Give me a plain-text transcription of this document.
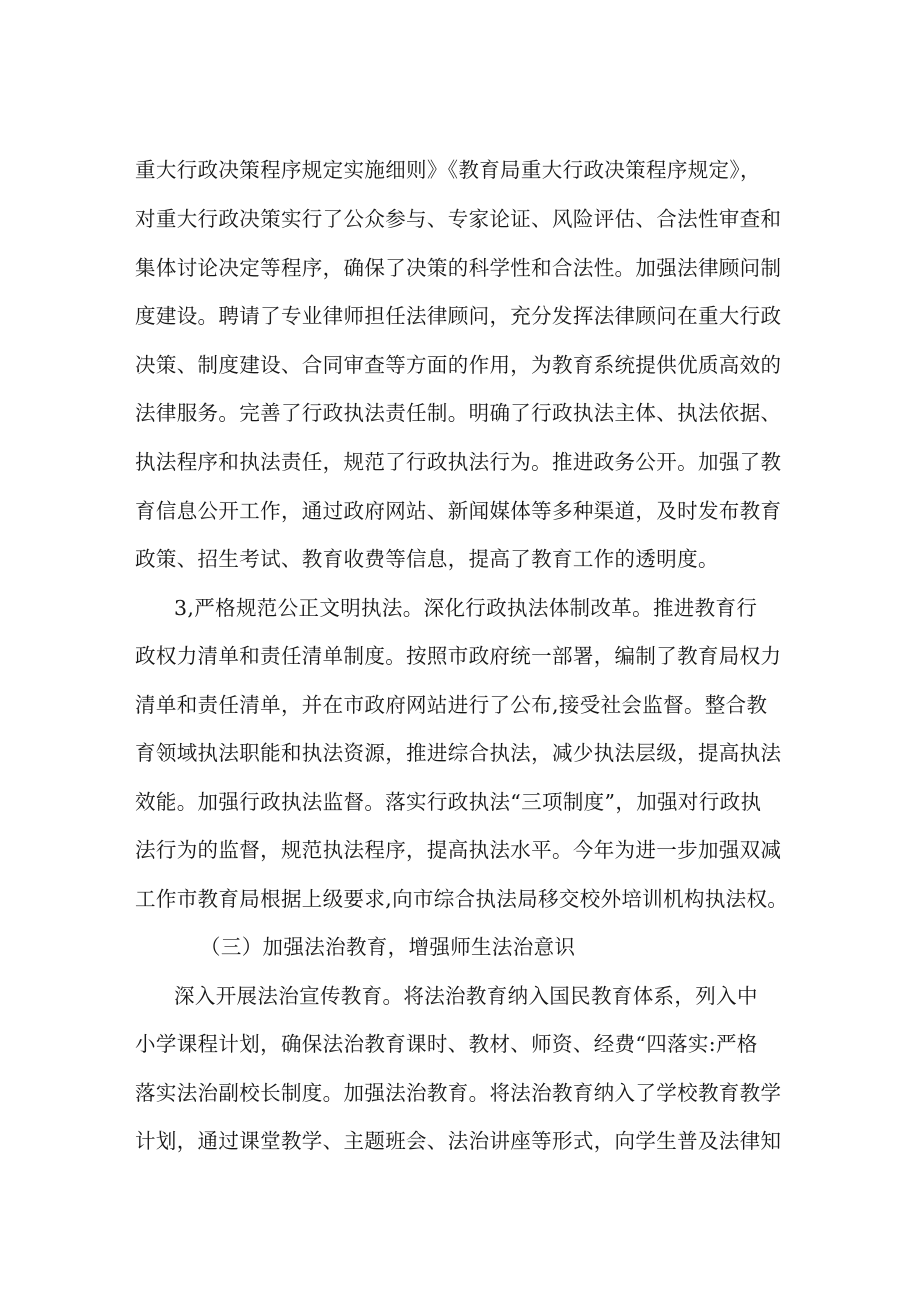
重大行政决策程序规定实施细则》《教育局重大行政决策程序规定》，
对重大行政决策实行了公众参与、专家论证、风险评估、合法性审查和
集体讨论决定等程序，确保了决策的科学性和合法性。加强法律顾问制
度建设。聘请了专业律师担任法律顾问，充分发挥法律顾问在重大行政
决策、制度建设、合同审查等方面的作用，为教育系统提供优质高效的
法律服务。完善了行政执法责任制。明确了行政执法主体、执法依据、
执法程序和执法责任，规范了行政执法行为。推进政务公开。加强了教
育信息公开工作，通过政府网站、新闻媒体等多种渠道，及时发布教育
政策、招生考试、教育收费等信息，提高了教育工作的透明度。
3,严格规范公正文明执法。深化行政执法体制改革。推进教育行
政权力清单和责任清单制度。按照市政府统一部署，编制了教育局权力
清单和责任清单，并在市政府网站进行了公布,接受社会监督。整合教
育领域执法职能和执法资源，推进综合执法，减少执法层级，提高执法
效能。加强行政执法监督。落实行政执法“三项制度”，加强对行政执
法行为的监督，规范执法程序，提高执法水平。今年为进一步加强双减
工作市教育局根据上级要求,向市综合执法局移交校外培训机构执法权。
（三）加强法治教育，增强师生法治意识
深入开展法治宣传教育。将法治教育纳入国民教育体系，列入中
小学课程计划，确保法治教育课时、教材、师资、经费“四落实:严格
落实法治副校长制度。加强法治教育。将法治教育纳入了学校教育教学
计划，通过课堂教学、主题班会、法治讲座等形式，向学生普及法律知
